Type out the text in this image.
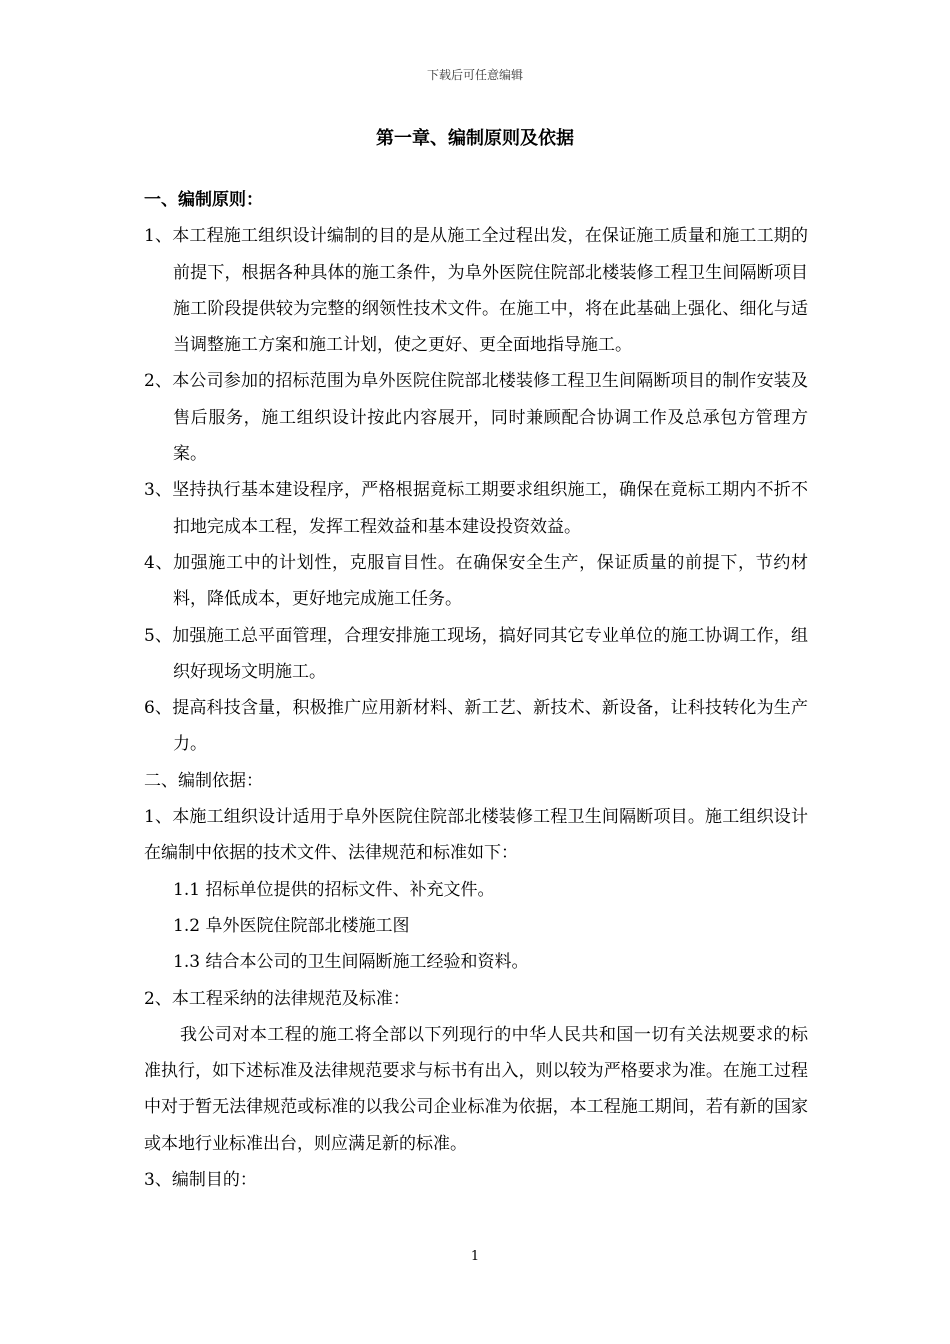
下载后可任意编辑
第一章、编制原则及依据

一、编制原则：

1、本工程施工组织设计编制的目的是从施工全过程出发，在保证施工质量和施工工期的前提下，根据各种具体的施工条件，为阜外医院住院部北楼装修工程卫生间隔断项目施工阶段提供较为完整的纲领性技术文件。在施工中，将在此基础上强化、细化与适当调整施工方案和施工计划，使之更好、更全面地指导施工。

2、本公司参加的招标范围为阜外医院住院部北楼装修工程卫生间隔断项目的制作安装及售后服务，施工组织设计按此内容展开，同时兼顾配合协调工作及总承包方管理方案。

3、坚持执行基本建设程序，严格根据竟标工期要求组织施工，确保在竟标工期内不折不扣地完成本工程，发挥工程效益和基本建设投资效益。

4、加强施工中的计划性，克服盲目性。在确保安全生产，保证质量的前提下，节约材料，降低成本，更好地完成施工任务。

5、加强施工总平面管理，合理安排施工现场，搞好同其它专业单位的施工协调工作，组织好现场文明施工。

6、提高科技含量，积极推广应用新材料、新工艺、新技术、新设备，让科技转化为生产力。

二、编制依据：

1、本施工组织设计适用于阜外医院住院部北楼装修工程卫生间隔断项目。施工组织设计在编制中依据的技术文件、法律规范和标准如下：

1.1 招标单位提供的招标文件、补充文件。

1.2 阜外医院住院部北楼施工图

1.3 结合本公司的卫生间隔断施工经验和资料。

2、本工程采纳的法律规范及标准：

我公司对本工程的施工将全部以下列现行的中华人民共和国一切有关法规要求的标准执行，如下述标准及法律规范要求与标书有出入，则以较为严格要求为准。在施工过程中对于暂无法律规范或标准的以我公司企业标准为依据，本工程施工期间，若有新的国家或本地行业标准出台，则应满足新的标准。

3、编制目的：

1
